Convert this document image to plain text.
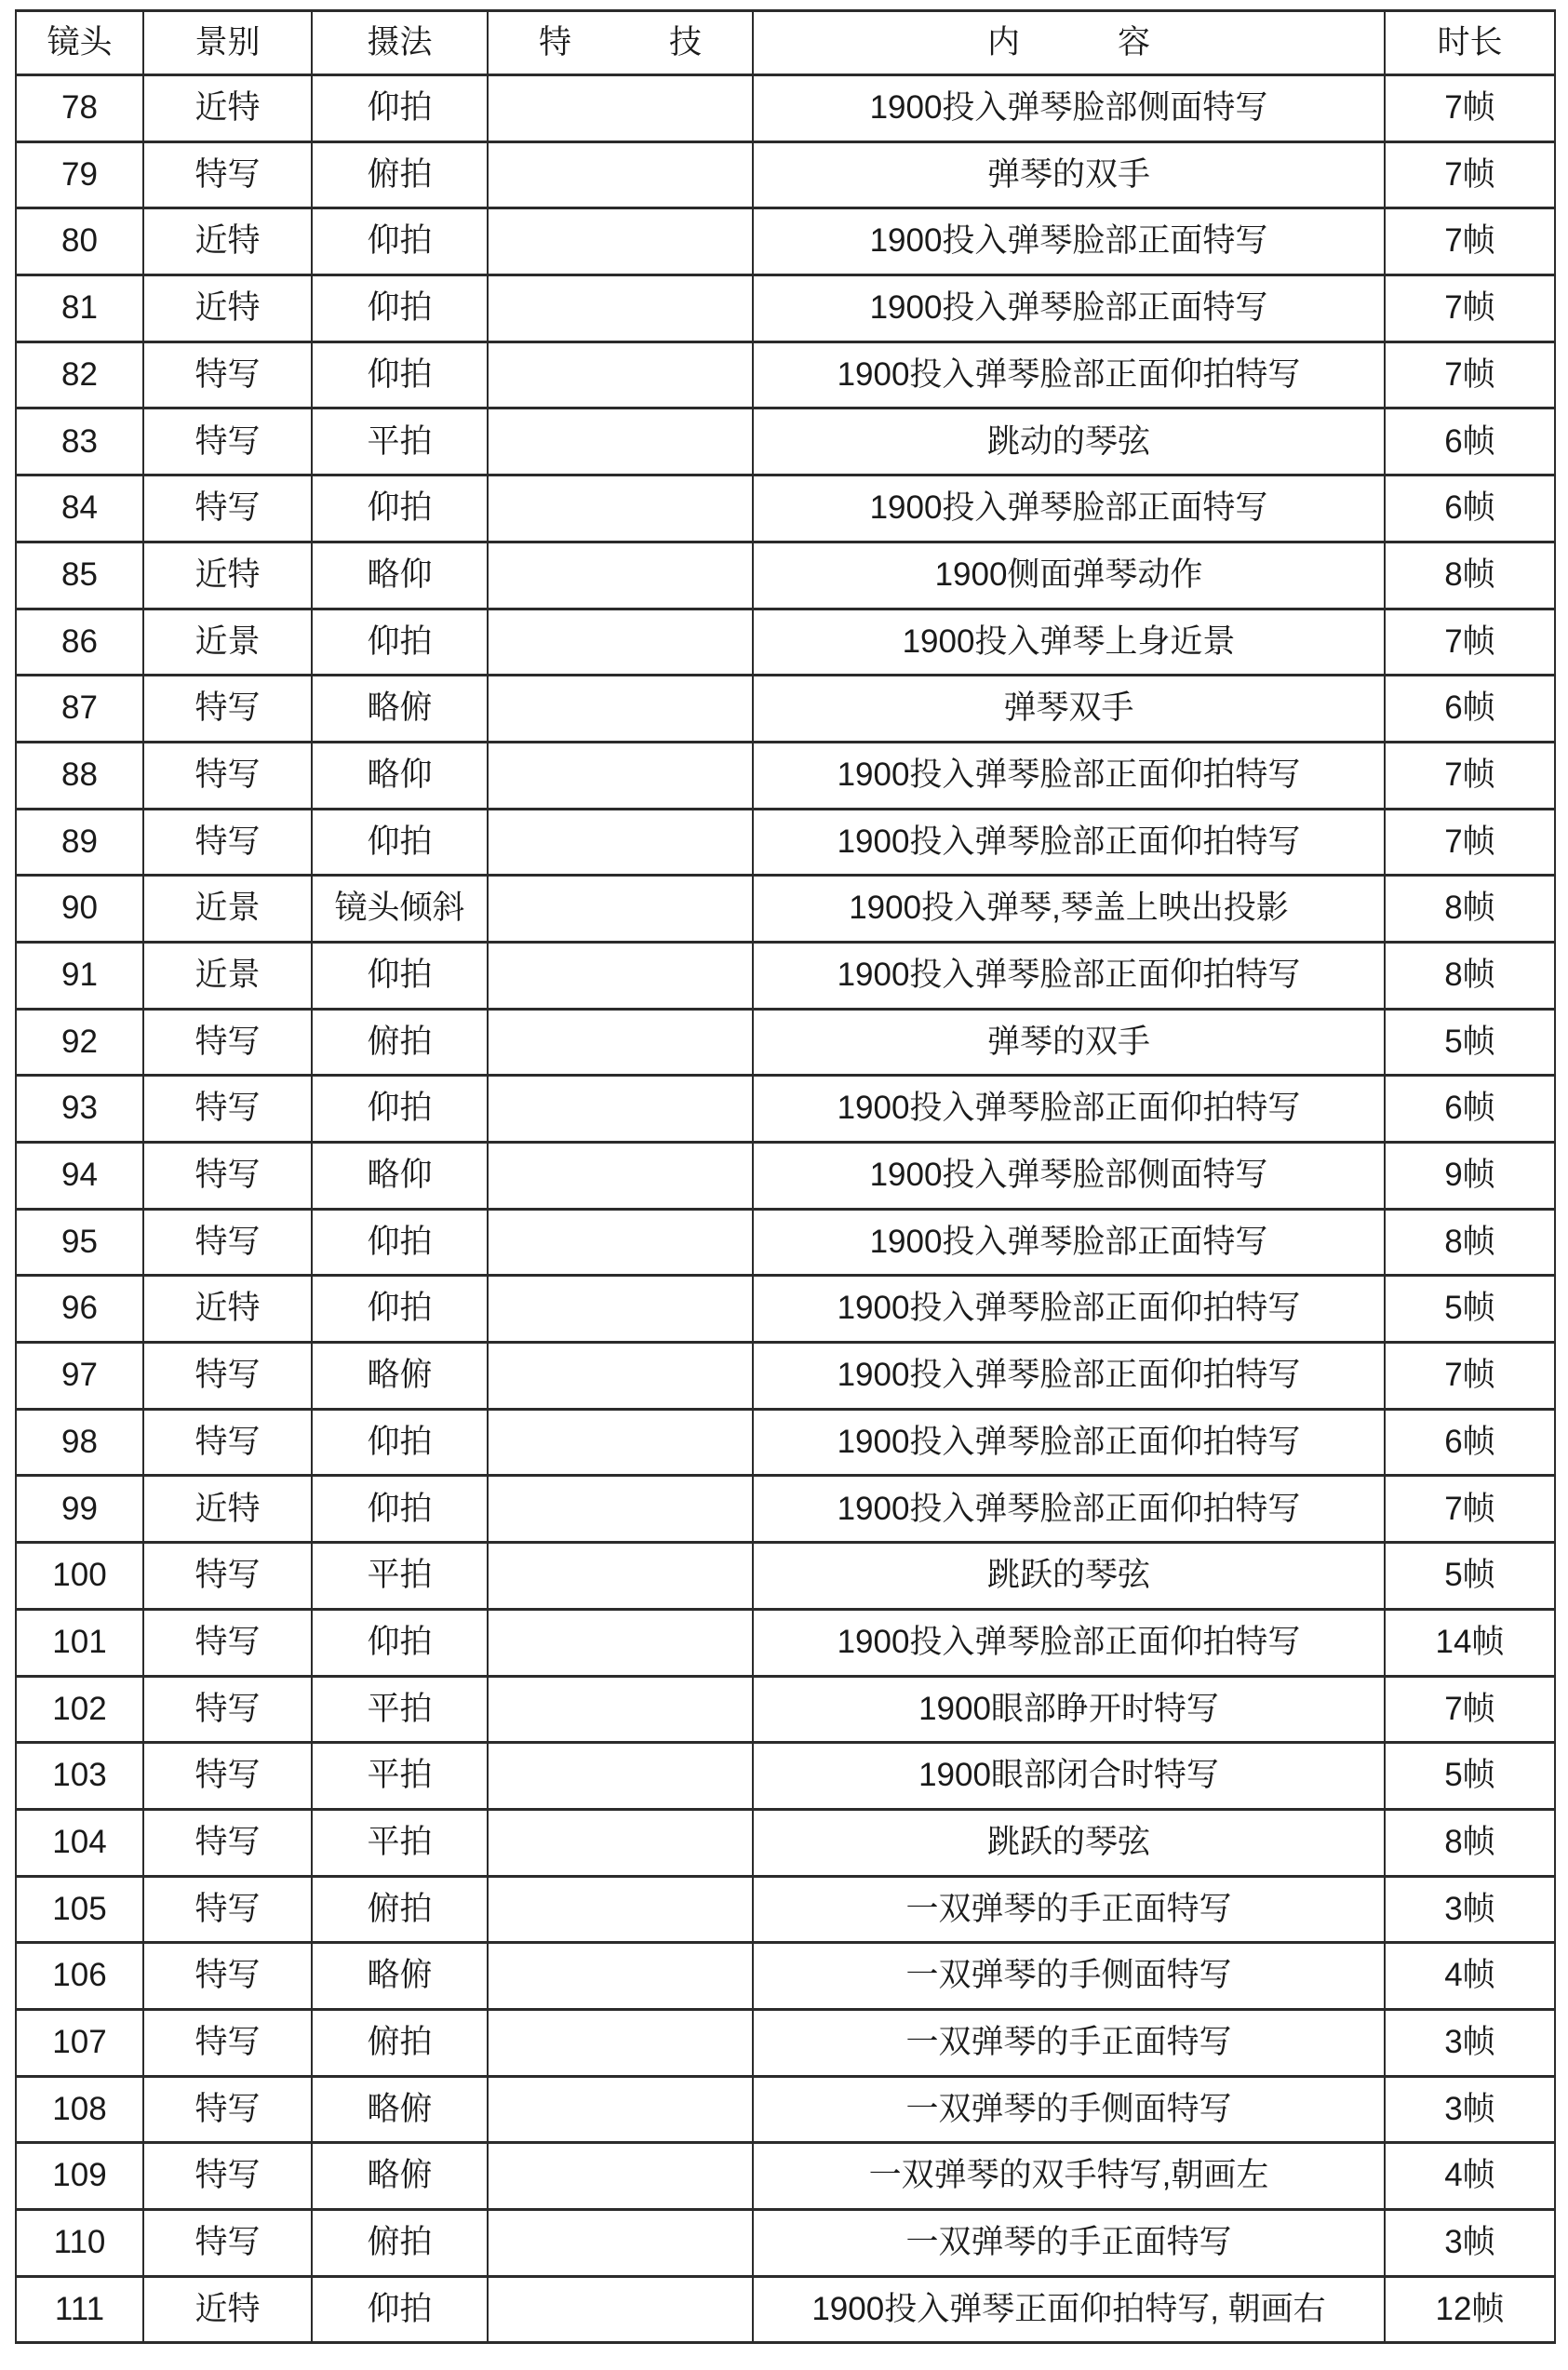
镜头	景别	摄法	特　　　技	内　　　容	时长
78	近特	仰拍		1900投入弹琴脸部侧面特写	7帧
79	特写	俯拍		弹琴的双手	7帧
80	近特	仰拍		1900投入弹琴脸部正面特写	7帧
81	近特	仰拍		1900投入弹琴脸部正面特写	7帧
82	特写	仰拍		1900投入弹琴脸部正面仰拍特写	7帧
83	特写	平拍		跳动的琴弦	6帧
84	特写	仰拍		1900投入弹琴脸部正面特写	6帧
85	近特	略仰		1900侧面弹琴动作	8帧
86	近景	仰拍		1900投入弹琴上身近景	7帧
87	特写	略俯		弹琴双手	6帧
88	特写	略仰		1900投入弹琴脸部正面仰拍特写	7帧
89	特写	仰拍		1900投入弹琴脸部正面仰拍特写	7帧
90	近景	镜头倾斜		1900投入弹琴,琴盖上映出投影	8帧
91	近景	仰拍		1900投入弹琴脸部正面仰拍特写	8帧
92	特写	俯拍		弹琴的双手	5帧
93	特写	仰拍		1900投入弹琴脸部正面仰拍特写	6帧
94	特写	略仰		1900投入弹琴脸部侧面特写	9帧
95	特写	仰拍		1900投入弹琴脸部正面特写	8帧
96	近特	仰拍		1900投入弹琴脸部正面仰拍特写	5帧
97	特写	略俯		1900投入弹琴脸部正面仰拍特写	7帧
98	特写	仰拍		1900投入弹琴脸部正面仰拍特写	6帧
99	近特	仰拍		1900投入弹琴脸部正面仰拍特写	7帧
100	特写	平拍		跳跃的琴弦	5帧
101	特写	仰拍		1900投入弹琴脸部正面仰拍特写	14帧
102	特写	平拍		1900眼部睁开时特写	7帧
103	特写	平拍		1900眼部闭合时特写	5帧
104	特写	平拍		跳跃的琴弦	8帧
105	特写	俯拍		一双弹琴的手正面特写	3帧
106	特写	略俯		一双弹琴的手侧面特写	4帧
107	特写	俯拍		一双弹琴的手正面特写	3帧
108	特写	略俯		一双弹琴的手侧面特写	3帧
109	特写	略俯		一双弹琴的双手特写,朝画左	4帧
110	特写	俯拍		一双弹琴的手正面特写	3帧
111	近特	仰拍		1900投入弹琴正面仰拍特写, 朝画右	12帧
